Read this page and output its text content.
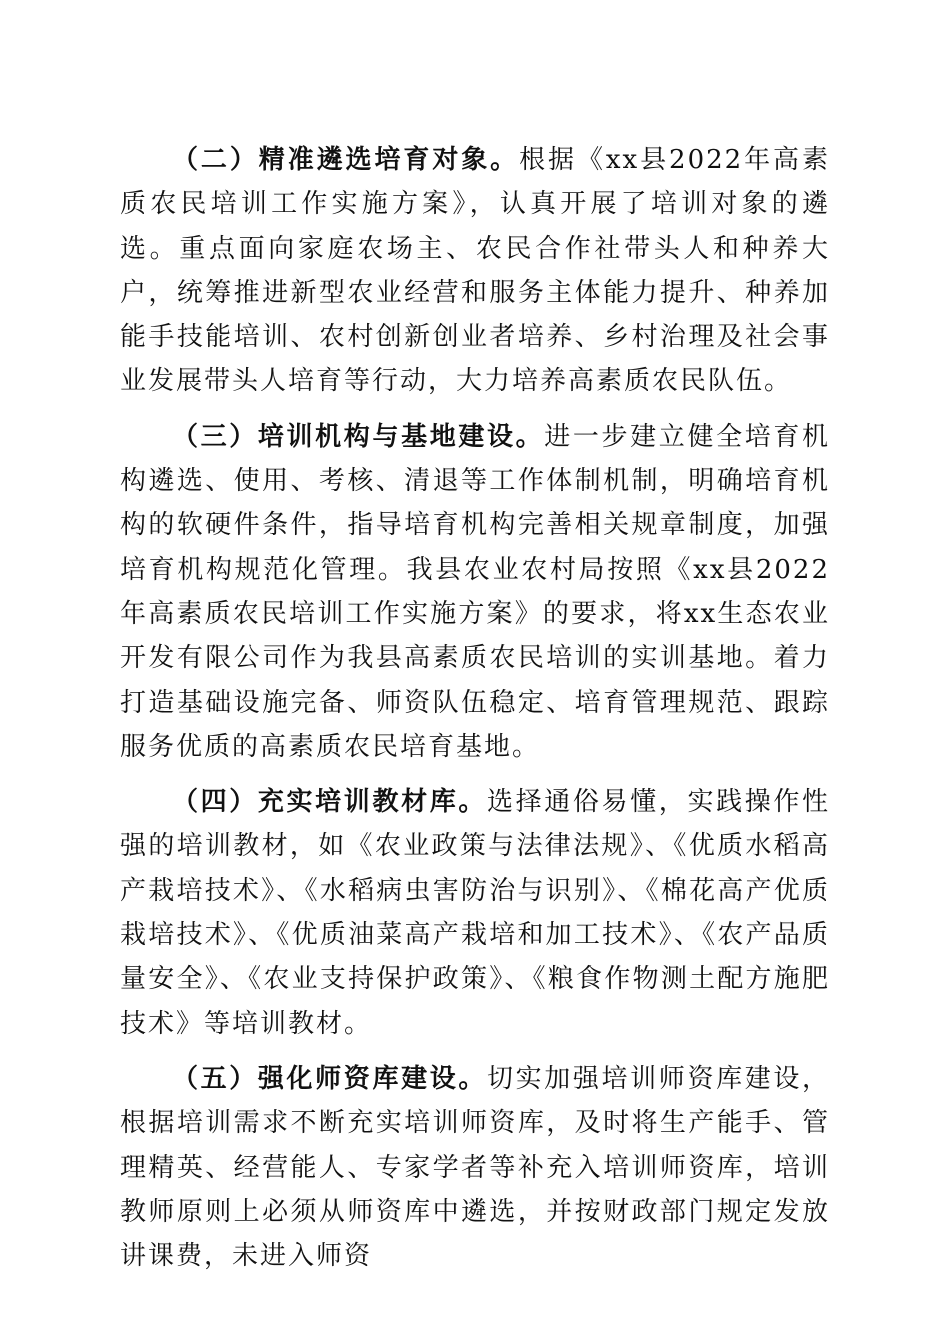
（二）精准遴选培育对象。根据《xx县2022年高素质农民培训工作实施方案》，认真开展了培训对象的遴选。重点面向家庭农场主、农民合作社带头人和种养大户，统筹推进新型农业经营和服务主体能力提升、种养加能手技能培训、农村创新创业者培养、乡村治理及社会事业发展带头人培育等行动，大力培养高素质农民队伍。

（三）培训机构与基地建设。进一步建立健全培育机构遴选、使用、考核、清退等工作体制机制，明确培育机构的软硬件条件，指导培育机构完善相关规章制度，加强培育机构规范化管理。我县农业农村局按照《xx县2022年高素质农民培训工作实施方案》的要求，将xx生态农业开发有限公司作为我县高素质农民培训的实训基地。着力打造基础设施完备、师资队伍稳定、培育管理规范、跟踪服务优质的高素质农民培育基地。

（四）充实培训教材库。选择通俗易懂，实践操作性强的培训教材，如《农业政策与法律法规》、《优质水稻高产栽培技术》、《水稻病虫害防治与识别》、《棉花高产优质栽培技术》、《优质油菜高产栽培和加工技术》、《农产品质量安全》、《农业支持保护政策》、《粮食作物测土配方施肥技术》等培训教材。

（五）强化师资库建设。切实加强培训师资库建设，根据培训需求不断充实培训师资库，及时将生产能手、管理精英、经营能人、专家学者等补充入培训师资库，培训教师原则上必须从师资库中遴选，并按财政部门规定发放讲课费，未进入师资
